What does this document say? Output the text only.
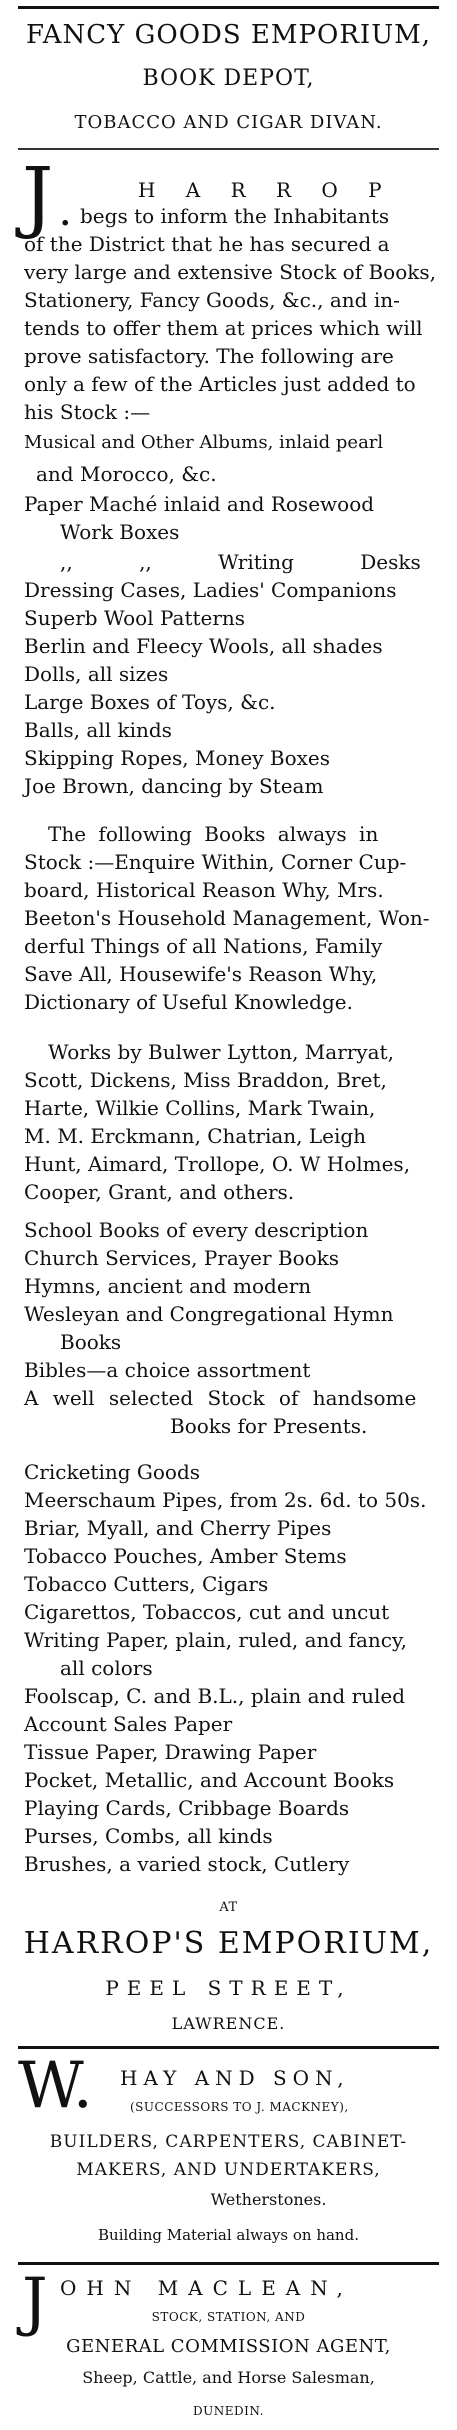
FANCY GOODS EMPORIUM,
BOOK DEPOT,
TOBACCO AND CIGAR DIVAN.
J .
H A R R O P
begs to inform the Inhabitants
of the District that he has secured a
very large and extensive Stock of Books,
Stationery, Fancy Goods, &c., and in-
tends to offer them at prices which will
prove satisfactory. The following are
only a few of the Articles just added to
his Stock :—
Musical and Other Albums, inlaid pearl
and Morocco, &c.
Paper Maché inlaid and Rosewood
Work Boxes
,, ,, Writing Desks
Dressing Cases, Ladies' Companions
Superb Wool Patterns
Berlin and Fleecy Wools, all shades
Dolls, all sizes
Large Boxes of Toys, &c.
Balls, all kinds
Skipping Ropes, Money Boxes
Joe Brown, dancing by Steam
The following Books always in
Stock :—Enquire Within, Corner Cup-
board, Historical Reason Why, Mrs.
Beeton's Household Management, Won-
derful Things of all Nations, Family
Save All, Housewife's Reason Why,
Dictionary of Useful Knowledge.
Works by Bulwer Lytton, Marryat,
Scott, Dickens, Miss Braddon, Bret,
Harte, Wilkie Collins, Mark Twain,
M. M. Erckmann, Chatrian, Leigh
Hunt, Aimard, Trollope, O. W Holmes,
Cooper, Grant, and others.
School Books of every description
Church Services, Prayer Books
Hymns, ancient and modern
Wesleyan and Congregational Hymn
Books
Bibles—a choice assortment
A well selected Stock of handsome
Books for Presents.
Cricketing Goods
Meerschaum Pipes, from 2s. 6d. to 50s.
Briar, Myall, and Cherry Pipes
Tobacco Pouches, Amber Stems
Tobacco Cutters, Cigars
Cigarettos, Tobaccos, cut and uncut
Writing Paper, plain, ruled, and fancy,
all colors
Foolscap, C. and B.L., plain and ruled
Account Sales Paper
Tissue Paper, Drawing Paper
Pocket, Metallic, and Account Books
Playing Cards, Cribbage Boards
Purses, Combs, all kinds
Brushes, a varied stock, Cutlery
AT
HARROP'S EMPORIUM,
PEEL STREET,
LAWRENCE.
W. HAY AND SON,
(SUCCESSORS TO J. MACKNEY),
BUILDERS, CARPENTERS, CABINET-
MAKERS, AND UNDERTAKERS,
Wetherstones.
Building Material always on hand.
J OHN MACLEAN,
STOCK, STATION, AND
GENERAL COMMISSION AGENT,
Sheep, Cattle, and Horse Salesman,
DUNEDIN.
